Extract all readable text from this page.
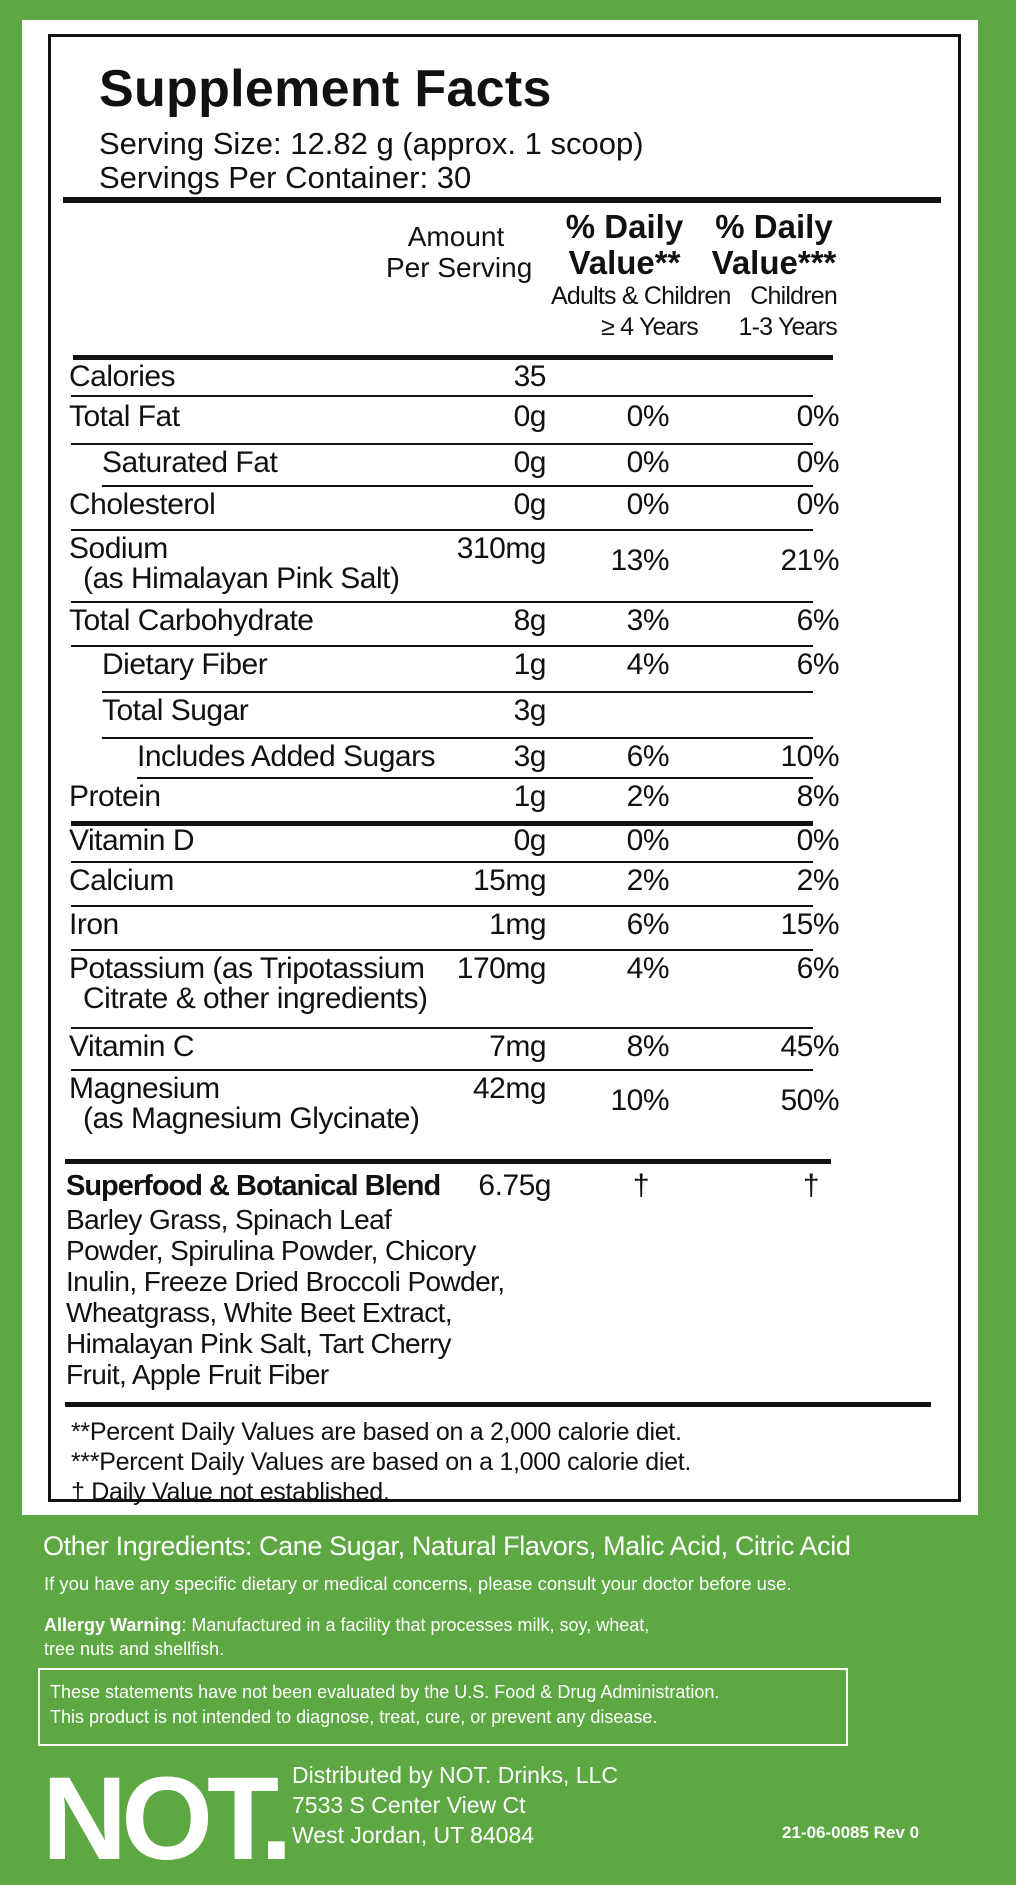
Supplement Facts
Serving Size: 12.82 g (approx. 1 scoop)
Servings Per Container: 30
Amount
Per Serving
% Daily
Value**
Adults & Children
≥ 4 Years
% Daily
Value***
Children
1-3 Years
Calories	35
Total Fat	0g	0%	0%
Saturated Fat	0g	0%	0%
Cholesterol	0g	0%	0%
Sodium
(as Himalayan Pink Salt)
310mg	13%	21%
Total Carbohydrate	8g	3%	6%
Dietary Fiber	1g	4%	6%
Total Sugar	3g
Includes Added Sugars	3g	6%	10%
Protein	1g	2%	8%
Vitamin D	0g	0%	0%
Calcium	15mg	2%	2%
Iron	1mg	6%	15%
Potassium (as Tripotassium
Citrate & other ingredients)
170mg	4%	6%
Vitamin C	7mg	8%	45%
Magnesium
(as Magnesium Glycinate)
42mg	10%	50%
Superfood & Botanical Blend	6.75g	†	†
Barley Grass, Spinach Leaf
Powder, Spirulina Powder, Chicory
Inulin, Freeze Dried Broccoli Powder,
Wheatgrass, White Beet Extract,
Himalayan Pink Salt, Tart Cherry
Fruit, Apple Fruit Fiber
**Percent Daily Values are based on a 2,000 calorie diet.
***Percent Daily Values are based on a 1,000 calorie diet.
† Daily Value not established.
Other Ingredients: Cane Sugar, Natural Flavors, Malic Acid, Citric Acid
If you have any specific dietary or medical concerns, please consult your doctor before use.
Allergy Warning: Manufactured in a facility that processes milk, soy, wheat,
tree nuts and shellfish.
These statements have not been evaluated by the U.S. Food & Drug Administration.
This product is not intended to diagnose, treat, cure, or prevent any disease.
NOT. Distributed by NOT. Drinks, LLC
7533 S Center View Ct
West Jordan, UT 84084	21-06-0085 Rev 0
